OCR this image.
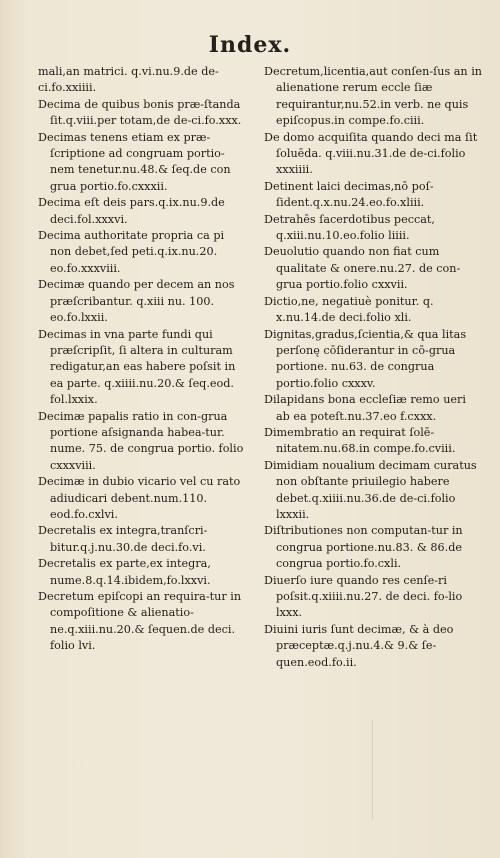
Index.

mali,an matrici. q.vi.nu.9.de de-ci.fo.xxiiii.

Decima de quibus bonis præ-ſtanda ſit.q.viii.per totam,de de-ci.fo.xxx.

Decimas tenens etiam ex præ-ſcriptione ad congruam portio-nem tenetur.nu.48.& ſeq.de con grua portio.fo.cxxxii.

Decima eſt deis pars.q.ix.nu.9.de deci.fol.xxxvi.

Decima authoritate propria ca pi non debet,ſed peti.q.ix.nu.20. eo.fo.xxxviii.

Decimæ quando per decem an nos præſcribantur. q.xiii nu. 100. eo.fo.lxxii.

Decimas in vna parte fundi qui præſcripſit, ſi altera in culturam redigatur,an eas habere poſsit in ea parte. q.xiiii.nu.20.& ſeq.eod. fol.lxxix.

Decimæ papalis ratio in con-grua portione aſsignanda habea-tur. nume. 75. de congrua portio. folio cxxxviii.

Decimæ in dubio vicario vel cu rato adiudicari debent.num.110. eod.fo.cxlvi.

Decretalis ex integra,tranſcri-bitur.q.j.nu.30.de deci.fo.vi.

Decretalis ex parte,ex integra, nume.8.q.14.ibidem,fo.lxxvi.

Decretum epiſcopi an requira-tur in compoſitione & alienatio-ne.q.xiii.nu.20.& ſequen.de deci. folio lvi.

Decretum,licentia,aut conſen-ſus an in alienatione rerum eccle ſiæ requirantur,nu.52.in verb. ne quis epiſcopus.in compe.fo.ciii.

De domo acquiſita quando deci ma ſit ſoluēda. q.viii.nu.31.de de-ci.folio xxxiiii.

Detinent laici decimas,nō poſ-ſident.q.x.nu.24.eo.fo.xliii.

Detrahēs ſacerdotibus peccat, q.xiii.nu.10.eo.folio liiii.

Deuolutio quando non fiat cum qualitate & onere.nu.27. de con-grua portio.folio cxxvii.

Dictio,ne, negatiuè ponitur. q. x.nu.14.de deci.folio xli.

Dignitas,gradus,ſcientia,& qua litas perſonę cōſiderantur in cō-grua portione. nu.63. de congrua portio.folio cxxxv.

Dilapidans bona eccleſiæ remo ueri ab ea poteſt.nu.37.eo f.cxxx.

Dimembratio an requirat ſolē-nitatem.nu.68.in compe.fo.cviii.

Dimidiam noualium decimam curatus non obſtante priuilegio habere debet.q.xiiii.nu.36.de de-ci.folio lxxxii.

Diſtributiones non computan-tur in congrua portione.nu.83. & 86.de congrua portio.fo.cxli.

Diuerſo iure quando res cenſe-ri poſsit.q.xiiii.nu.27. de deci. fo-lio lxxx.

Diuini iuris ſunt decimæ, & à deo præceptæ.q.j.nu.4.& 9.& ſe-quen.eod.fo.ii.
